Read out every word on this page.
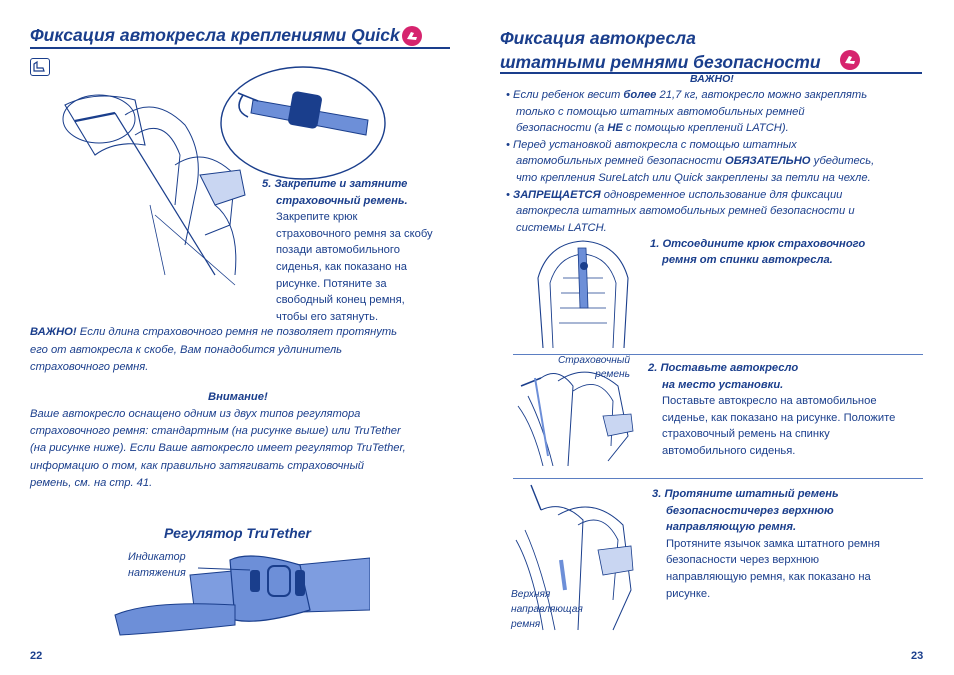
Фиксация автокресла креплениями Quick
5. Закрепите и затяните
страховочный ремень.
Закрепите крюк
страховочного ремня за скобу
позади автомобильного
сиденья, как показано на
рисунке. Потяните за
свободный конец ремня,
чтобы его затянуть.
ВАЖНО! Если длина страховочного ремня не позволяет протянуть
его от автокресла к скобе, Вам понадобится удлинитель
страховочного ремня.
Внимание!
Ваше автокресло оснащено одним из двух типов регулятора
страховочного ремня: стандартным (на рисунке выше) или TruTether
(на рисунке ниже). Если Ваше автокресло имеет регулятор TruTether,
информацию о том, как правильно затягивать страховочный
ремень, см. на стр. 41.
Регулятор TruTether
Индикатор
натяжения
22
Фиксация автокресла
штатными ремнями безопасности
ВАЖНО!
• Если ребенок весит более 21,7 кг, автокресло можно закреплять
только с помощью штатных автомобильных ремней
безопасности (а НЕ с помощью креплений LATCH).
• Перед установкой автокресла с помощью штатных
автомобильных ремней безопасности ОБЯЗАТЕЛЬНО убедитесь,
что крепления SureLatch или Quick закреплены за петли на чехле.
• ЗАПРЕЩАЕТСЯ одновременное использование для фиксации
автокресла штатных автомобильных ремней безопасности и
системы LATCH.
1. Отсоедините крюк страховочного
ремня от спинки автокресла.
Страховочный
ремень
2. Поставьте автокресло
на место установки.
Поставьте автокресло на автомобильное
сиденье, как показано на рисунке. Положите
страховочный ремень на спинку
автомобильного сиденья.
Верхняя
направляющая
ремня
3. Протяните штатный ремень
безопасностичерез верхнюю
направляющую ремня.
Протяните язычок замка штатного ремня
безопасности через верхнюю
направляющую ремня, как показано на
рисунке.
23
